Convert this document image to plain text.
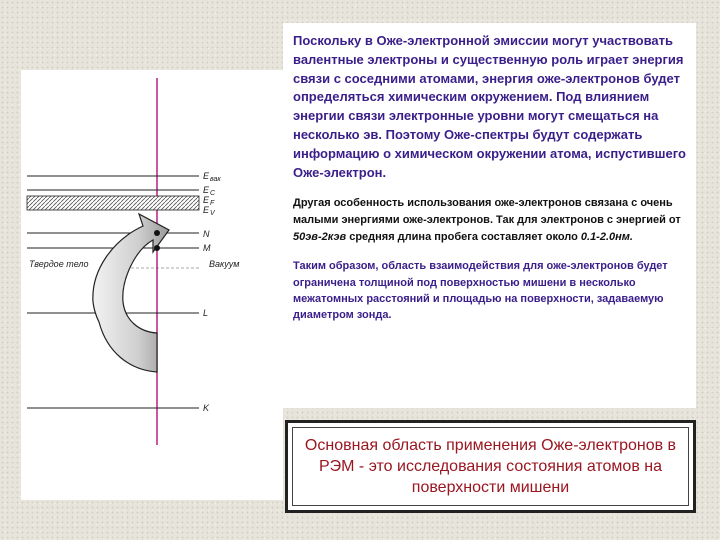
Твердое тело	Вакуум
E вак
E C
E F
E V
N
M
L
K

Поскольку в Оже-электронной эмиссии могут участвовать валентные электроны и существенную роль играет энергия связи с соседними атомами, энергия оже-электронов будет определяться химическим окружением. Под влиянием энергии связи электронные уровни могут смещаться на несколько эв. Поэтому Оже-спектры будут содержать информацию о химическом окружении атома, испустившего Оже-электрон.

Другая особенность использования оже-электронов связана с очень малыми энергиями оже-электронов. Так для электронов с энергией от 50эв-2кэв средняя длина пробега составляет около 0.1-2.0нм.

Таким образом, область взаимодействия для оже-электронов будет ограничена толщиной под поверхностью мишени в несколько межатомных расстояний и площадью на поверхности, задаваемую диаметром зонда.

Основная область применения Оже-электронов в РЭМ - это исследования состояния атомов на поверхности мишени
